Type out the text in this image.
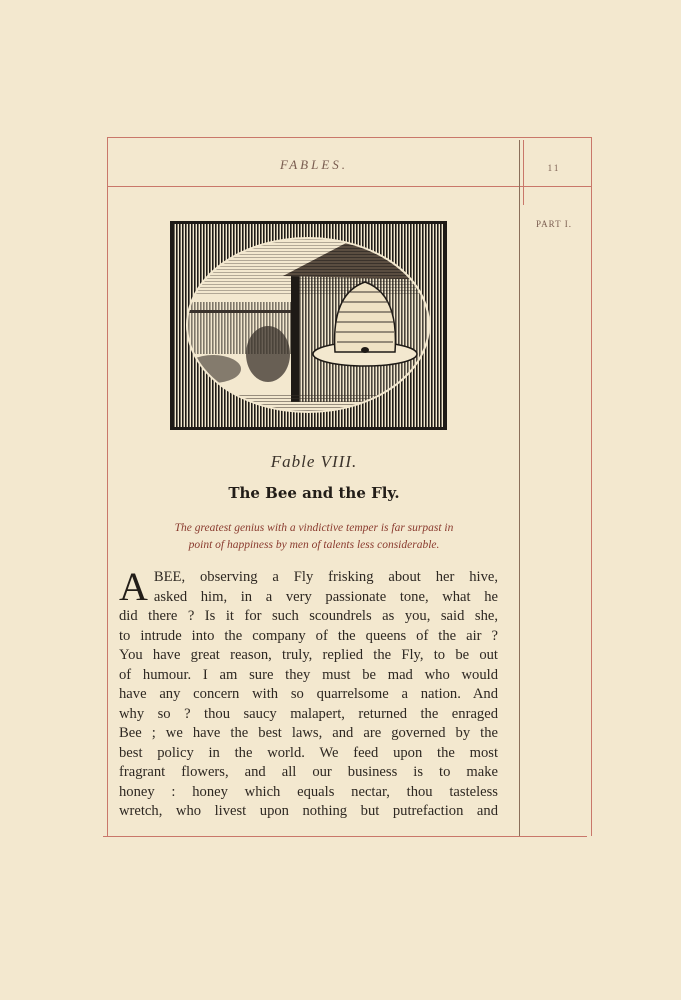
FABLES.	11
PART I.
Fable VIII.
The Bee and the Fly.
The greatest genius with a vindictive temper is far surpast in
point of happiness by men of talents less considerable.
A BEE, observing a Fly frisking about her hive,
asked him, in a very passionate tone, what he
did there ? Is it for such scoundrels as you, said she,
to intrude into the company of the queens of the air ?
You have great reason, truly, replied the Fly, to be out
of humour. I am sure they must be mad who would
have any concern with so quarrelsome a nation. And
why so ? thou saucy malapert, returned the enraged
Bee ; we have the best laws, and are governed by the
best policy in the world. We feed upon the most
fragrant flowers, and all our business is to make
honey : honey which equals nectar, thou tasteless
wretch, who livest upon nothing but putrefaction and
